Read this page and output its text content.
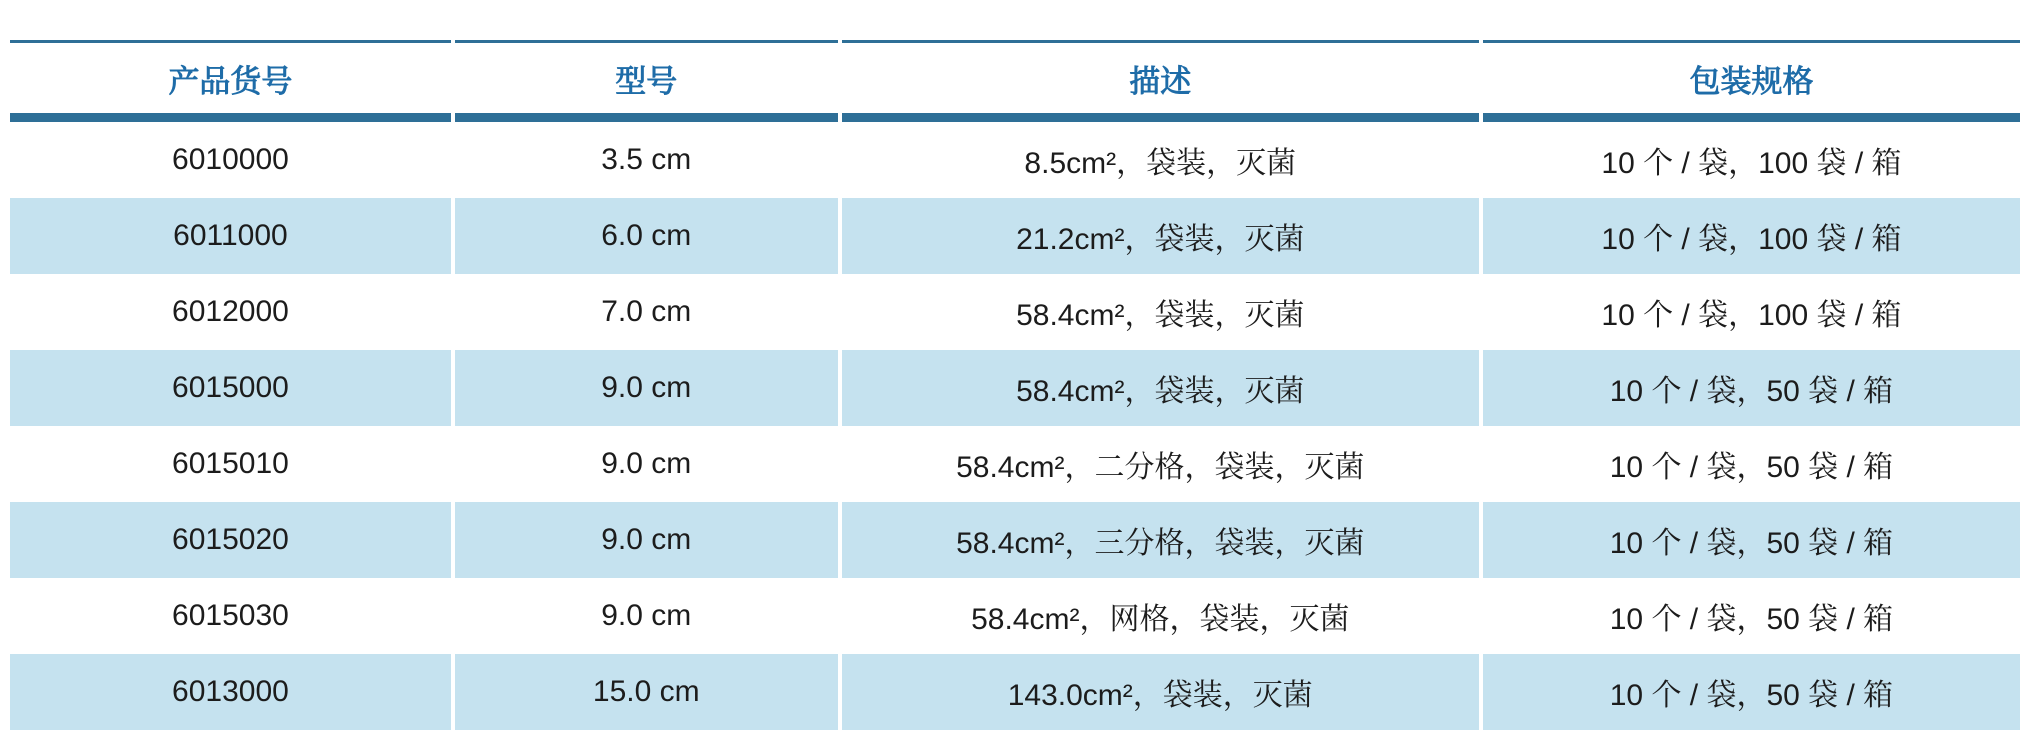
产品货号	型号	描述	包装规格
6010000	3.5 cm	8.5cm²，袋装，灭菌	10 个 / 袋，100 袋 / 箱
6011000	6.0 cm	21.2cm²，袋装，灭菌	10 个 / 袋，100 袋 / 箱
6012000	7.0 cm	58.4cm²，袋装，灭菌	10 个 / 袋，100 袋 / 箱
6015000	9.0 cm	58.4cm²，袋装，灭菌	10 个 / 袋，50 袋 / 箱
6015010	9.0 cm	58.4cm²，二分格，袋装，灭菌	10 个 / 袋，50 袋 / 箱
6015020	9.0 cm	58.4cm²，三分格，袋装，灭菌	10 个 / 袋，50 袋 / 箱
6015030	9.0 cm	58.4cm²，网格，袋装，灭菌	10 个 / 袋，50 袋 / 箱
6013000	15.0 cm	143.0cm²，袋装，灭菌	10 个 / 袋，50 袋 / 箱
